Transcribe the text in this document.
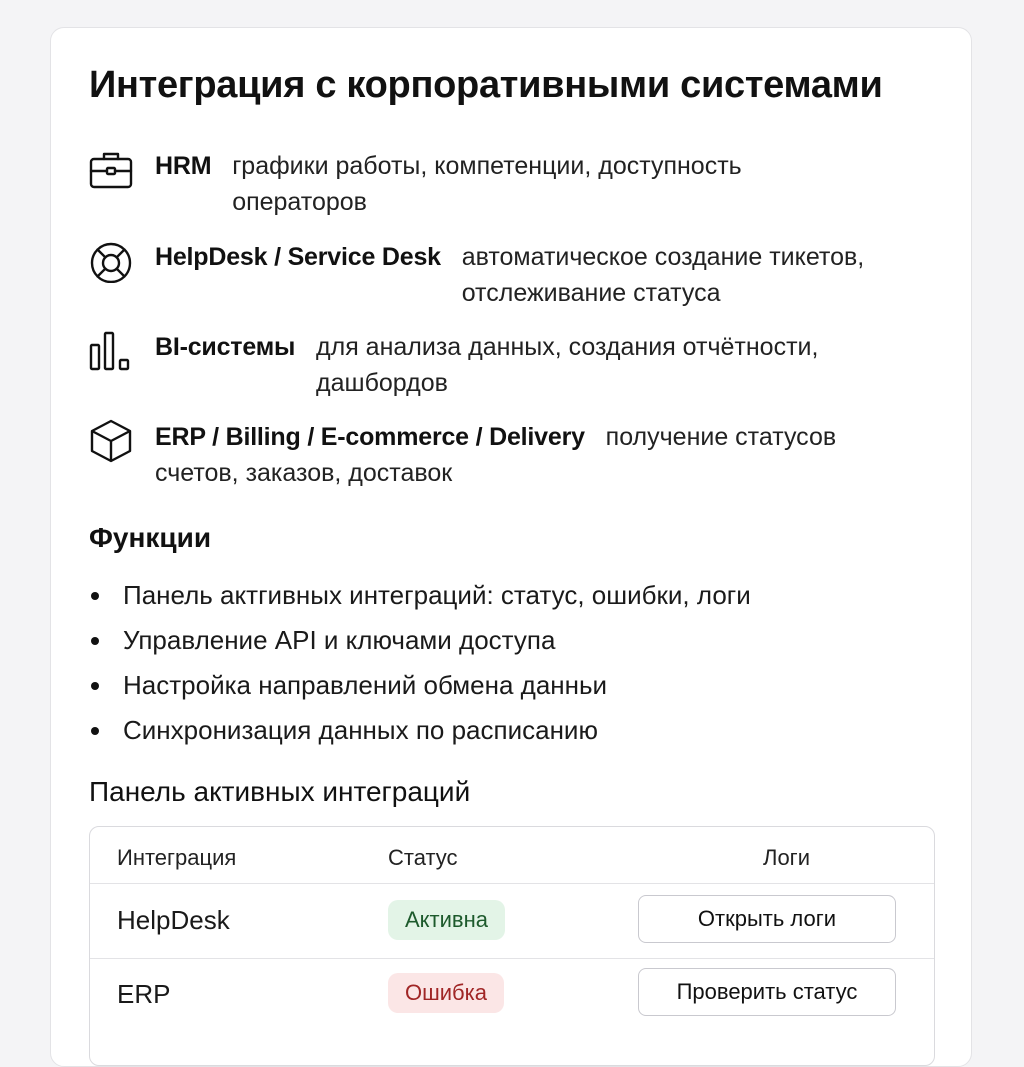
Интеграция с корпоративными системами
HRM графики работы, компетенции, доступность
операторов
HelpDesk / Service Desk автоматическое создание тикетов,
отслеживание статуса
BI-системы для анализа данных, создания отчётности,
дашбордов
ERP / Billing / E-commerce / Delivery получение статусов
счетов, заказов, доставок
Функции
Панель актгивных интеграций: статус, ошибки, логи
Управление API и ключами доступа
Настройка направлений обмена данньи
Синхронизация данных по расписанию
Панель активных интеграций
Интеграция	Статус	Логи
HelpDesk	Активна	Открыть логи
ERP	Ошибка	Проверить статус
